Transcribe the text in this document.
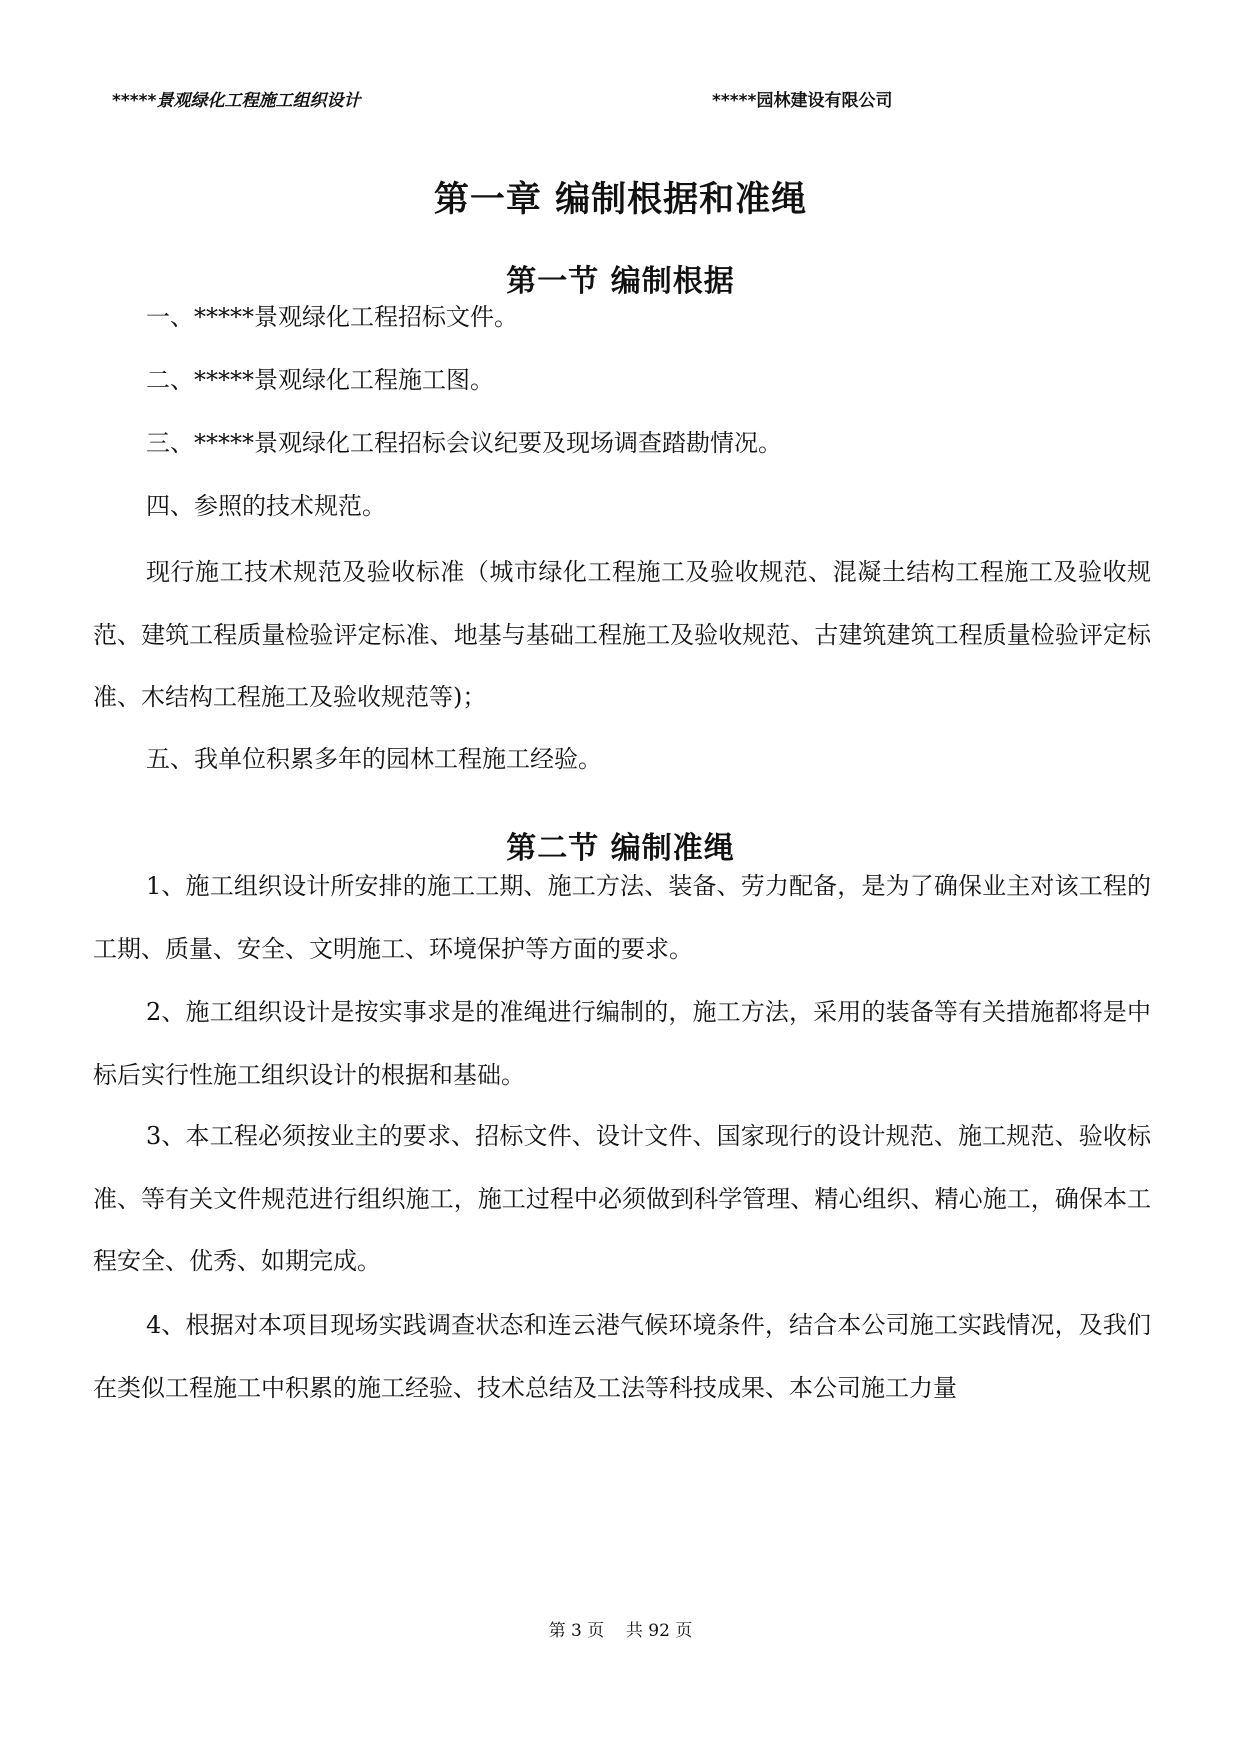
*****景观绿化工程施工组织设计	*****园林建设有限公司
第一章 编制根据和准绳
第一节 编制根据

一、*****景观绿化工程招标文件。

二、*****景观绿化工程施工图。

三、*****景观绿化工程招标会议纪要及现场调查踏勘情况。

四、参照的技术规范。

现行施工技术规范及验收标准（城市绿化工程施工及验收规范、混凝土结构工程施工及验收规范、建筑工程质量检验评定标准、地基与基础工程施工及验收规范、古建筑建筑工程质量检验评定标准、木结构工程施工及验收规范等)；

五、我单位积累多年的园林工程施工经验。

第二节 编制准绳

1、施工组织设计所安排的施工工期、施工方法、装备、劳力配备，是为了确保业主对该工程的工期、质量、安全、文明施工、环境保护等方面的要求。

2、施工组织设计是按实事求是的准绳进行编制的，施工方法，采用的装备等有关措施都将是中标后实行性施工组织设计的根据和基础。

3、本工程必须按业主的要求、招标文件、设计文件、国家现行的设计规范、施工规范、验收标准、等有关文件规范进行组织施工，施工过程中必须做到科学管理、精心组织、精心施工，确保本工程安全、优秀、如期完成。

4、根据对本项目现场实践调查状态和连云港气候环境条件，结合本公司施工实践情况，及我们在类似工程施工中积累的施工经验、技术总结及工法等科技成果、本公司施工力量

第 3 页    共 92 页
